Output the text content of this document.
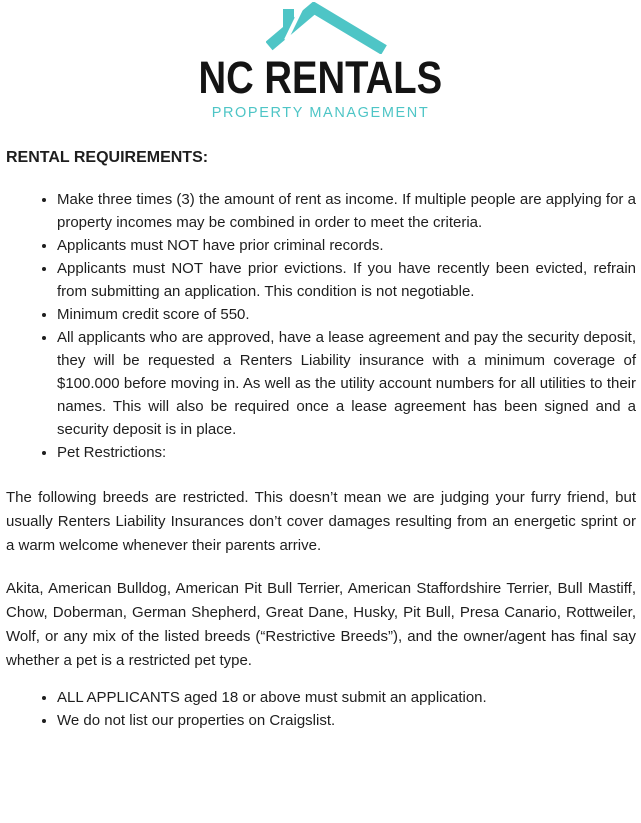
NC RENTALS
PROPERTY MANAGEMENT
RENTAL REQUIREMENTS:
• Make three times (3) the amount of rent as income. If multiple people are applying for a property incomes may be combined in order to meet the criteria.
• Applicants must NOT have prior criminal records.
• Applicants must NOT have prior evictions. If you have recently been evicted, refrain from submitting an application. This condition is not negotiable.
• Minimum credit score of 550.
• All applicants who are approved, have a lease agreement and pay the security deposit, they will be requested a Renters Liability insurance with a minimum coverage of $100.000 before moving in. As well as the utility account numbers for all utilities to their names. This will also be required once a lease agreement has been signed and a security deposit is in place.
• Pet Restrictions:

The following breeds are restricted. This doesn’t mean we are judging your furry friend, but usually Renters Liability Insurances don’t cover damages resulting from an energetic sprint or a warm welcome whenever their parents arrive.

Akita, American Bulldog, American Pit Bull Terrier, American Staffordshire Terrier, Bull Mastiff, Chow, Doberman, German Shepherd, Great Dane, Husky, Pit Bull, Presa Canario, Rottweiler, Wolf, or any mix of the listed breeds (“Restrictive Breeds”), and the owner/agent has final say whether a pet is a restricted pet type.

• ALL APPLICANTS aged 18 or above must submit an application.
• We do not list our properties on Craigslist.
